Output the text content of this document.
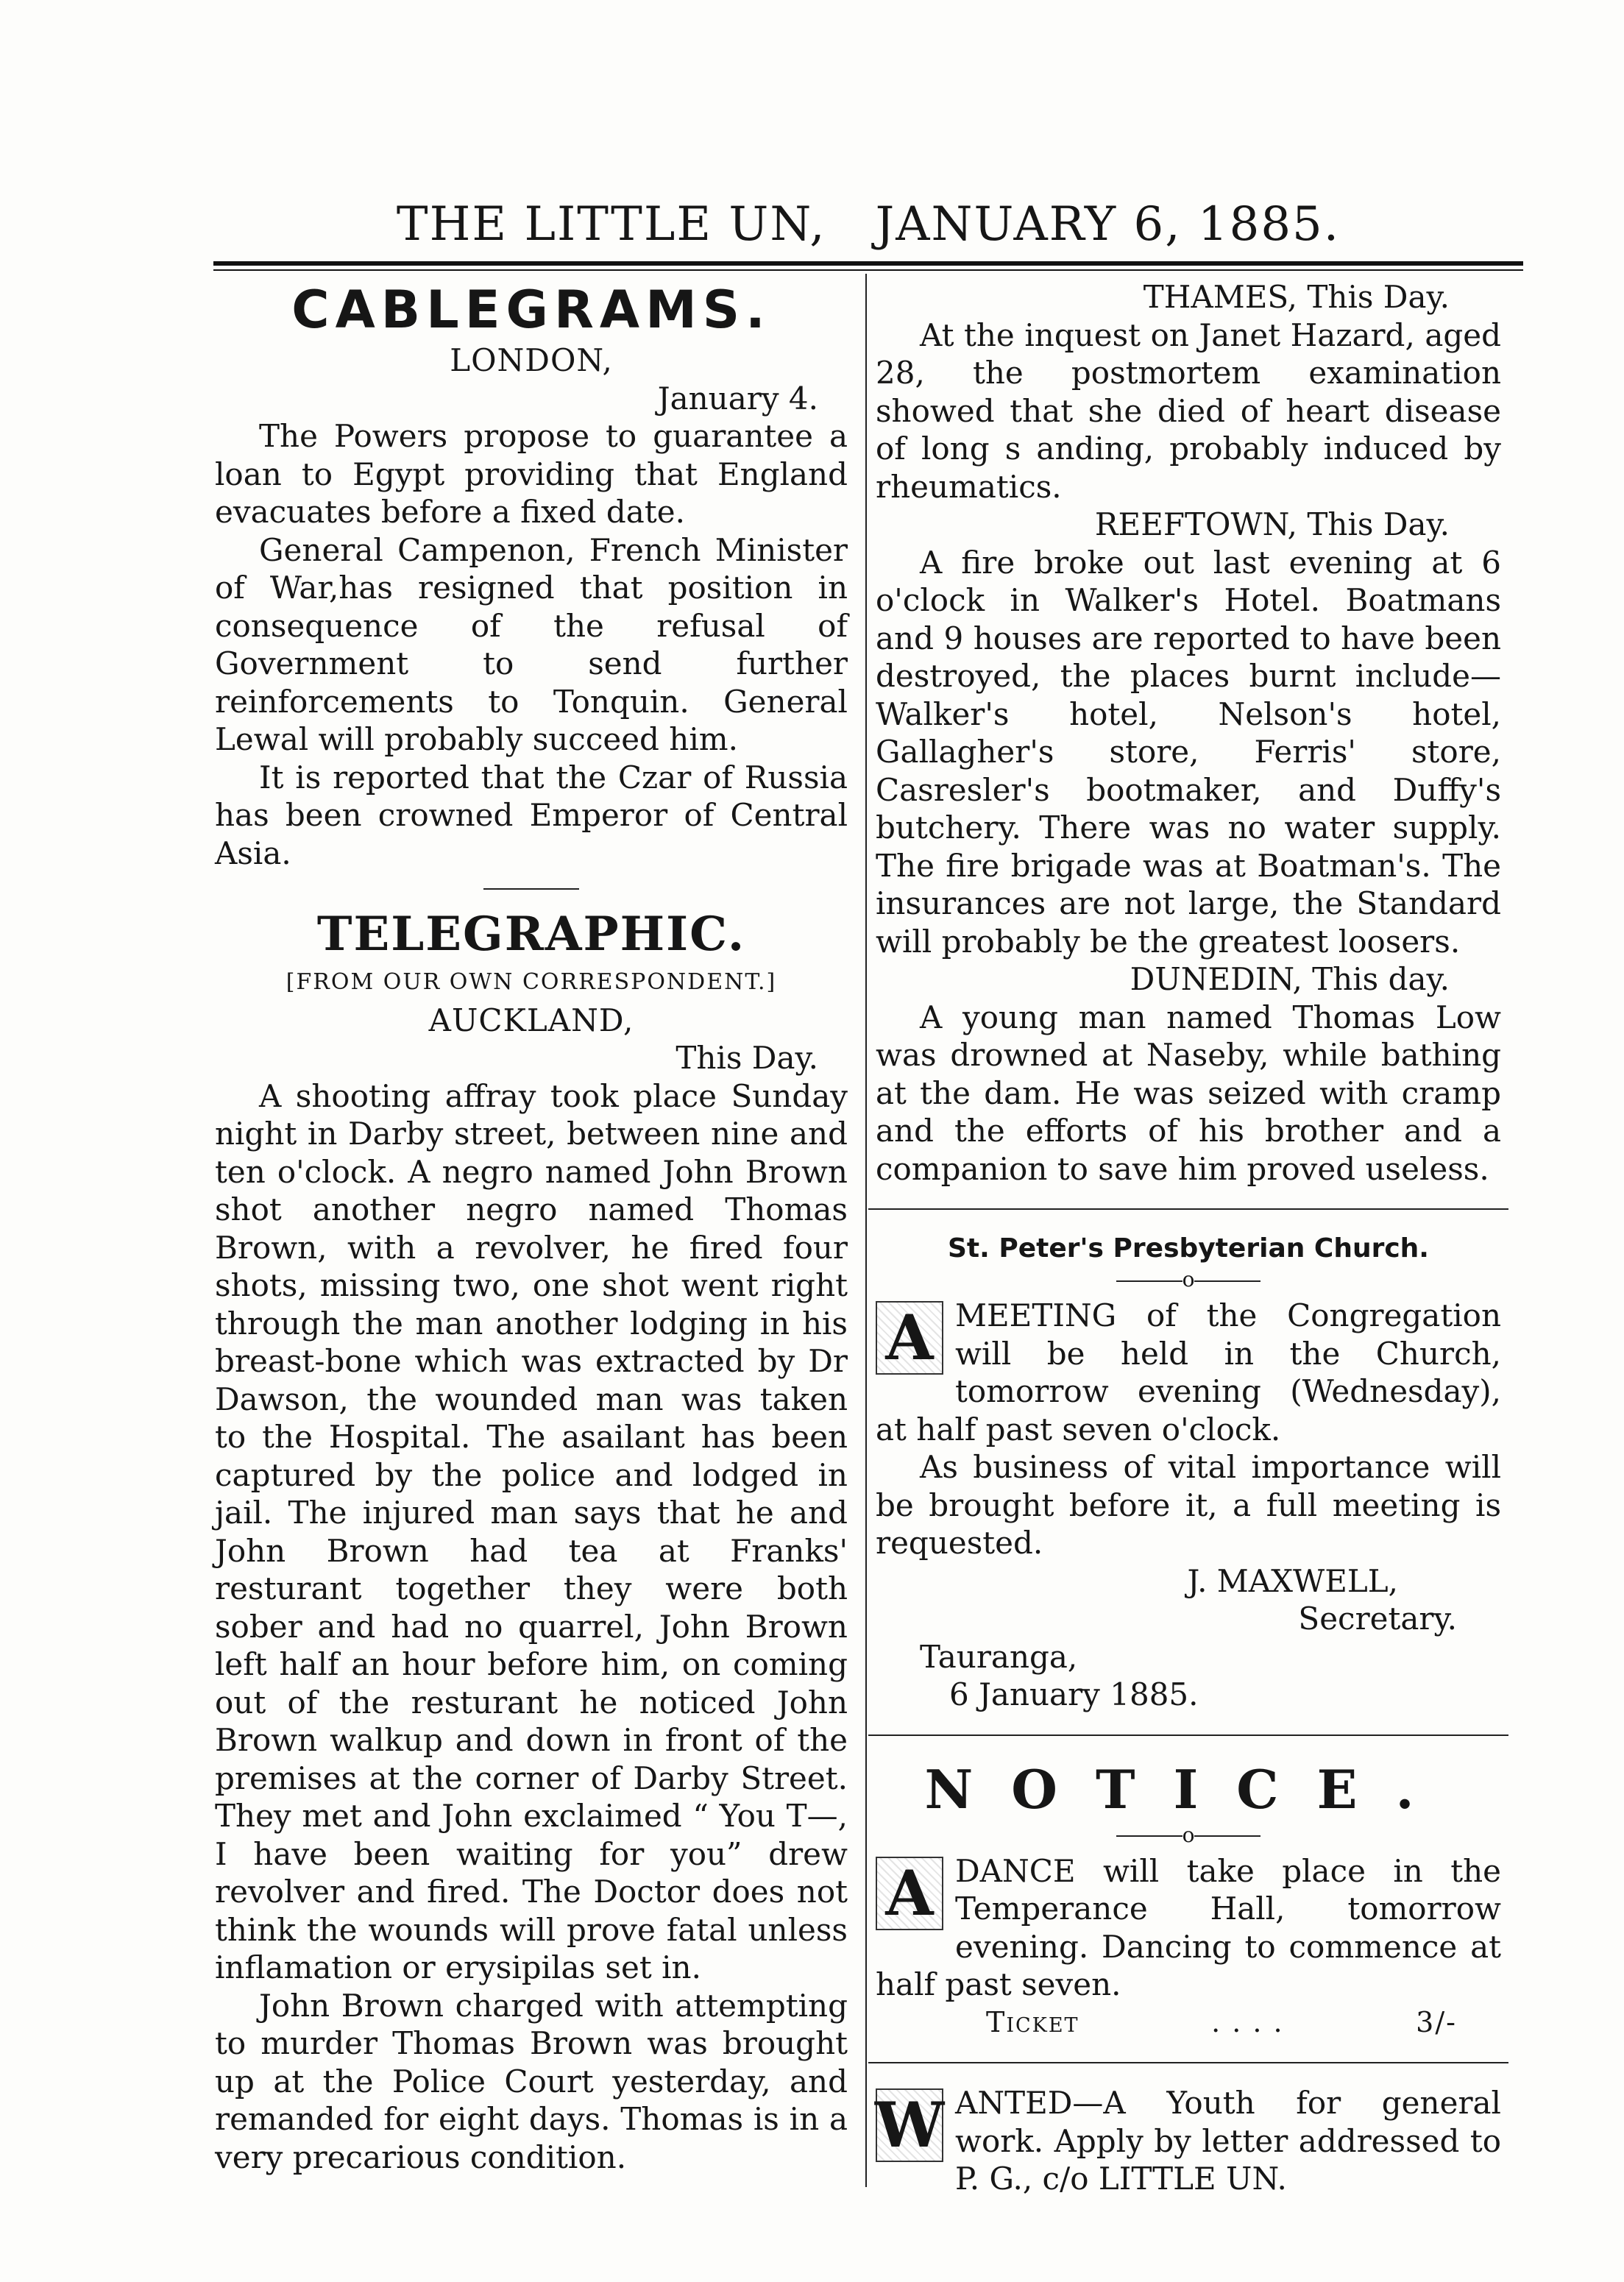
THE LITTLE UN, JANUARY 6, 1885.
CABLEGRAMS.
LONDON,
January 4.

The Powers propose to guarantee a loan to Egypt providing that England evacuates before a fixed date.

General Campenon, French Minister of War,has resigned that position in consequence of the refusal of Government to send further reinforcements to Tonquin. General Lewal will probably succeed him.

It is reported that the Czar of Russia has been crowned Emperor of Central Asia.

TELEGRAPHIC.
[FROM OUR OWN CORRESPONDENT.]
AUCKLAND,
This Day.

A shooting affray took place Sunday night in Darby street, between nine and ten o'clock. A negro named John Brown shot another negro named Thomas Brown, with a revolver, he fired four shots, missing two, one shot went right through the man another lodging in his breast-bone which was extracted by Dr Dawson, the wounded man was taken to the Hospital. The asailant has been captured by the police and lodged in jail. The injured man says that he and John Brown had tea at Franks' resturant together they were both sober and had no quarrel, John Brown left half an hour before him, on coming out of the resturant he noticed John Brown walkup and down in front of the premises at the corner of Darby Street. They met and John exclaimed “ You T—, I have been waiting for you” drew revolver and fired. The Doctor does not think the wounds will prove fatal unless inflamation or erysipilas set in.

John Brown charged with attempting to murder Thomas Brown was brought up at the Police Court yesterday, and remanded for eight days. Thomas is in a very precarious condition.

THAMES, This Day.

At the inquest on Janet Hazard, aged 28, the postmortem examination showed that she died of heart disease of long s anding, probably induced by rheumatics.

REEFTOWN, This Day.

A fire broke out last evening at 6 o'clock in Walker's Hotel. Boatmans and 9 houses are reported to have been destroyed, the places burnt include— Walker's hotel, Nelson's hotel, Gallagher's store, Ferris' store, Casresler's bootmaker, and Duffy's butchery. There was no water supply. The fire brigade was at Boatman's. The insurances are not large, the Standard will probably be the greatest loosers.

DUNEDIN, This day.

A young man named Thomas Low was drowned at Naseby, while bathing at the dam. He was seized with cramp and the efforts of his brother and a companion to save him proved useless.

St. Peter's Presbyterian Church.
o
A MEETING of the Congregation will be held in the Church, tomorrow evening (Wednesday), at half past seven o'clock.

As business of vital importance will be brought before it, a full meeting is requested.

J. MAXWELL,
Secretary.
Tauranga,
6 January 1885.
NOTICE.
o
A DANCE will take place in the Temperance Hall, tomorrow evening. Dancing to commence at half past seven.

Ticket	. . . .	3/-
W ANTED—A Youth for general work. Apply by letter addressed to P. G., c/o LITTLE UN.
